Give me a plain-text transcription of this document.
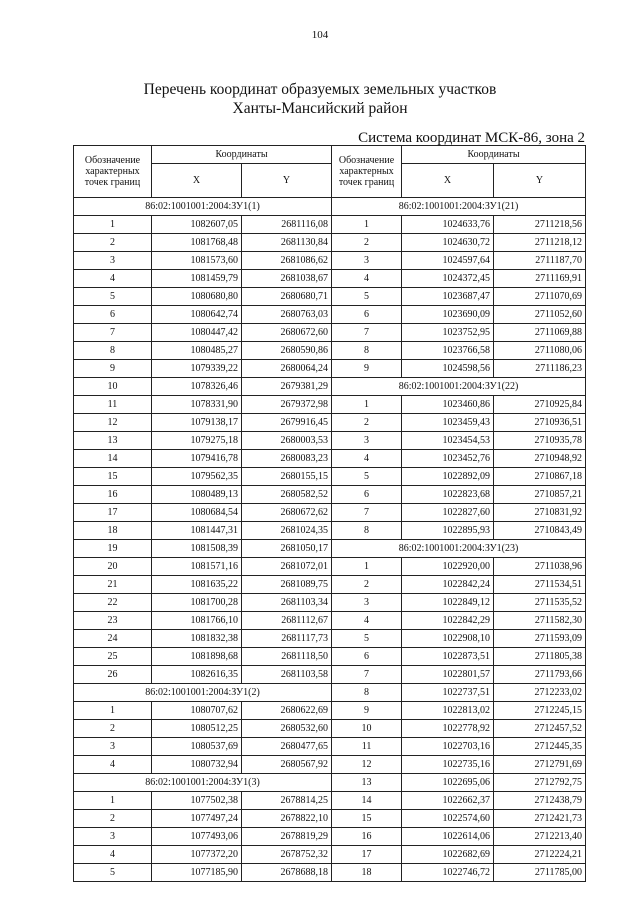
104
Перечень координат образуемых земельных участков
Ханты-Мансийский район
Система координат МСК-86, зона 2
Обозначение характерных точек границ	Координаты		Обозначение характерных точек границ	Координаты	
	X	Y		X	Y
86:02:1001001:2004:ЗУ1(1)			86:02:1001001:2004:ЗУ1(21)		
1	1082607,05	2681116,08	1	1024633,76	2711218,56
2	1081768,48	2681130,84	2	1024630,72	2711218,12
3	1081573,60	2681086,62	3	1024597,64	2711187,70
4	1081459,79	2681038,67	4	1024372,45	2711169,91
5	1080680,80	2680680,71	5	1023687,47	2711070,69
6	1080642,74	2680763,03	6	1023690,09	2711052,60
7	1080447,42	2680672,60	7	1023752,95	2711069,88
8	1080485,27	2680590,86	8	1023766,58	2711080,06
9	1079339,22	2680064,24	9	1024598,56	2711186,23
10	1078326,46	2679381,29	86:02:1001001:2004:ЗУ1(22)		
11	1078331,90	2679372,98	1	1023460,86	2710925,84
12	1079138,17	2679916,45	2	1023459,43	2710936,51
13	1079275,18	2680003,53	3	1023454,53	2710935,78
14	1079416,78	2680083,23	4	1023452,76	2710948,92
15	1079562,35	2680155,15	5	1022892,09	2710867,18
16	1080489,13	2680582,52	6	1022823,68	2710857,21
17	1080684,54	2680672,62	7	1022827,60	2710831,92
18	1081447,31	2681024,35	8	1022895,93	2710843,49
19	1081508,39	2681050,17	86:02:1001001:2004:ЗУ1(23)		
20	1081571,16	2681072,01	1	1022920,00	2711038,96
21	1081635,22	2681089,75	2	1022842,24	2711534,51
22	1081700,28	2681103,34	3	1022849,12	2711535,52
23	1081766,10	2681112,67	4	1022842,29	2711582,30
24	1081832,38	2681117,73	5	1022908,10	2711593,09
25	1081898,68	2681118,50	6	1022873,51	2711805,38
26	1082616,35	2681103,58	7	1022801,57	2711793,66
86:02:1001001:2004:ЗУ1(2)			8	1022737,51	2712233,02
1	1080707,62	2680622,69	9	1022813,02	2712245,15
2	1080512,25	2680532,60	10	1022778,92	2712457,52
3	1080537,69	2680477,65	11	1022703,16	2712445,35
4	1080732,94	2680567,92	12	1022735,16	2712791,69
86:02:1001001:2004:ЗУ1(3)			13	1022695,06	2712792,75
1	1077502,38	2678814,25	14	1022662,37	2712438,79
2	1077497,24	2678822,10	15	1022574,60	2712421,73
3	1077493,06	2678819,29	16	1022614,06	2712213,40
4	1077372,20	2678752,32	17	1022682,69	2712224,21
5	1077185,90	2678688,18	18	1022746,72	2711785,00
